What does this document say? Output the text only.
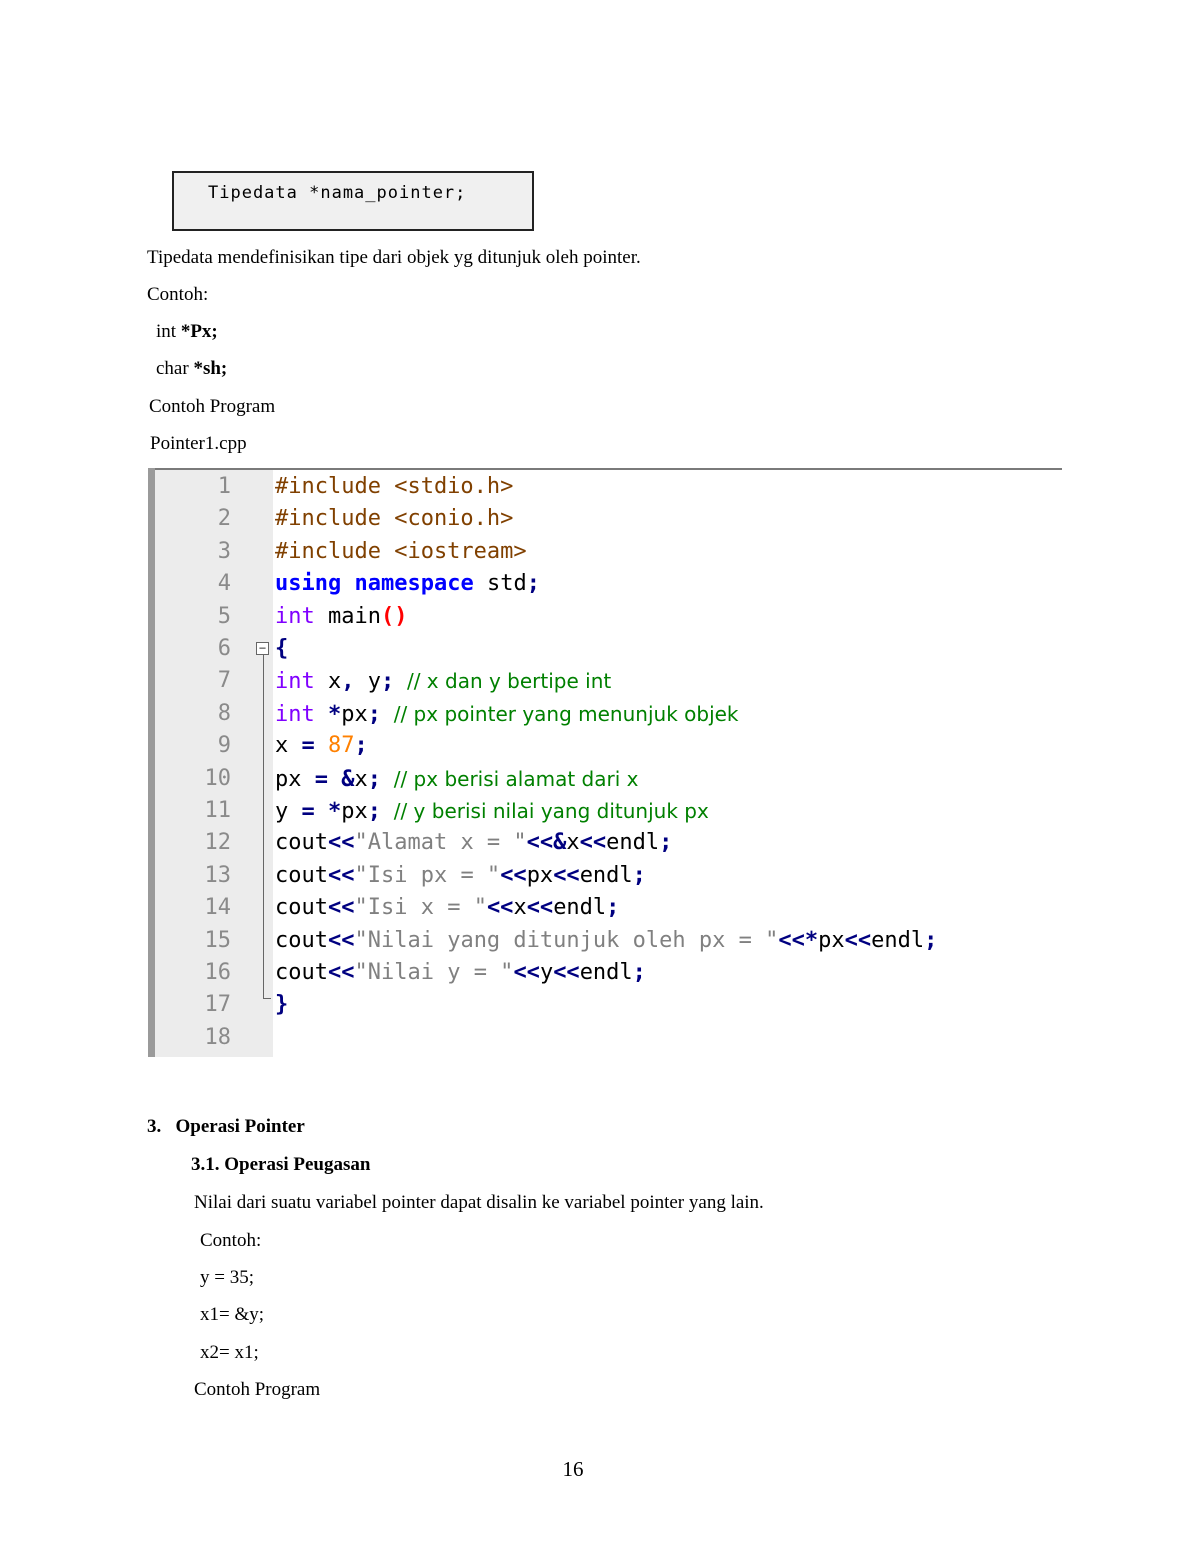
Tipedata *nama_pointer;
Tipedata mendefinisikan tipe dari objek yg ditunjuk oleh pointer.
Contoh:
int *Px;
char *sh;
Contoh Program
Pointer1.cpp
−
1 #include <stdio.h>
2 #include <conio.h>
3 #include <iostream>
4 using namespace std;
5 int main()
6 {
7 int x, y;  // x dan y bertipe int
8 int *px;  // px pointer yang menunjuk objek
9 x = 87;
10 px = &x;  // px berisi alamat dari x
11 y = *px;  // y berisi nilai yang ditunjuk px
12 cout<<"Alamat x = "<<&x<<endl;
13 cout<<"Isi px = "<<px<<endl;
14 cout<<"Isi x = "<<x<<endl;
15 cout<<"Nilai yang ditunjuk oleh px = "<<*px<<endl;
16 cout<<"Nilai y = "<<y<<endl;
17 }
18
3.   Operasi Pointer
3.1. Operasi Peugasan
Nilai dari suatu variabel pointer dapat disalin ke variabel pointer yang lain.
Contoh:
y = 35;
x1= &y;
x2= x1;
Contoh Program
16
